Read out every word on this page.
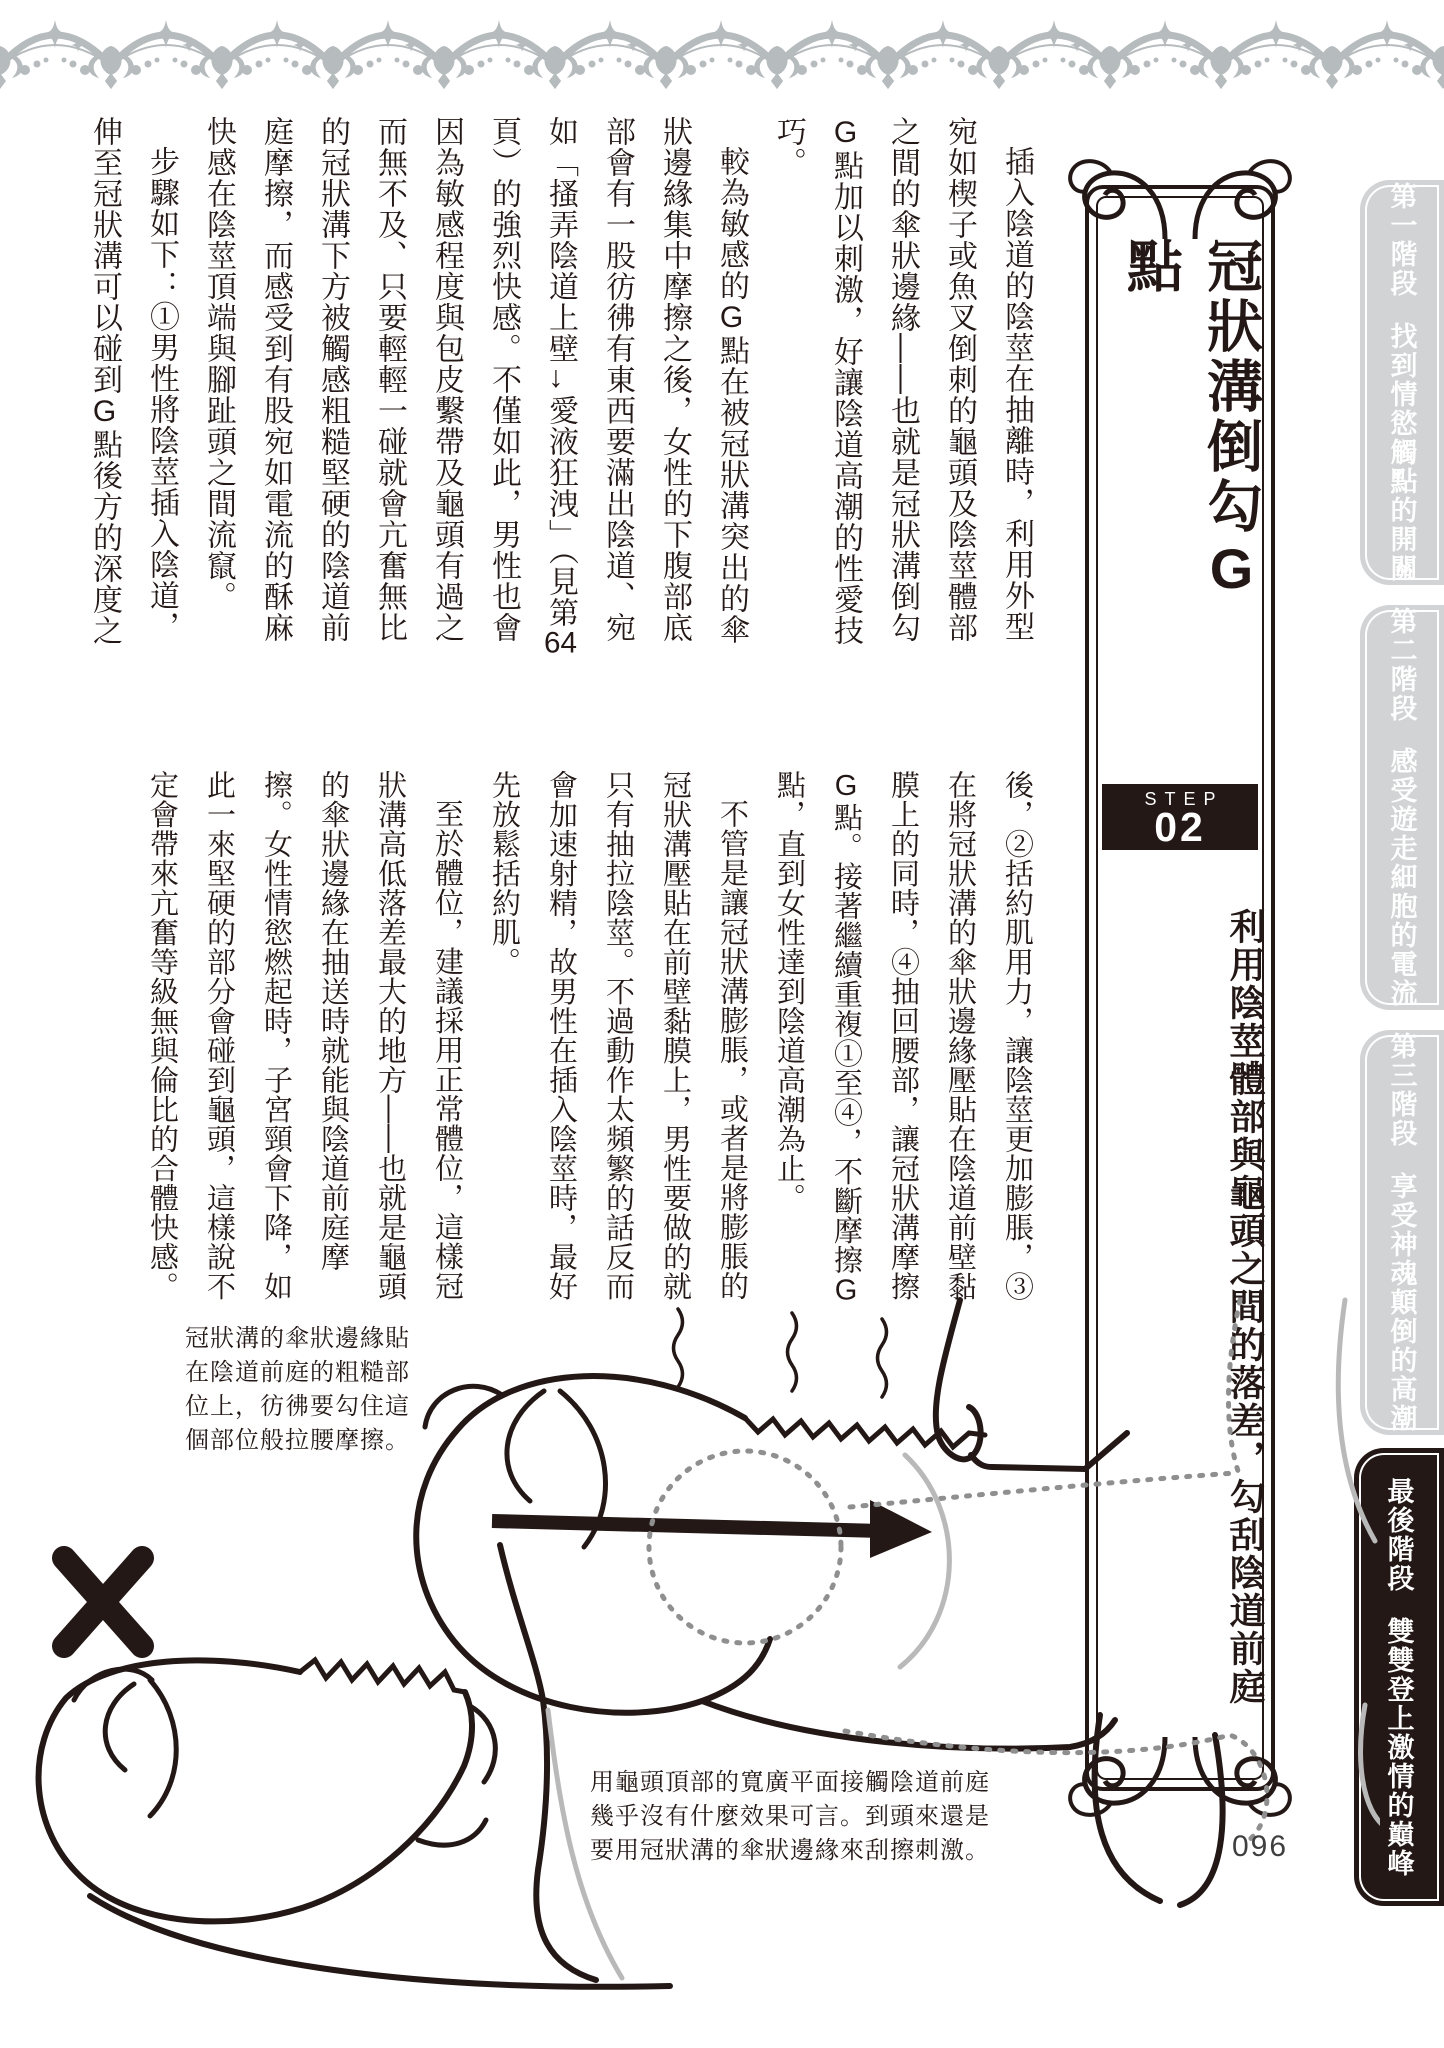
插入陰道的陰莖在抽離時，利用外型宛如楔子或魚叉倒刺的龜頭及陰莖體部之間的傘狀邊緣——也就是冠狀溝倒勾G點加以刺激，好讓陰道高潮的性愛技巧。

較為敏感的G點在被冠狀溝突出的傘狀邊緣集中摩擦之後，女性的下腹部底部會有一股彷彿有東西要滿出陰道、宛如「搔弄陰道上壁→愛液狂洩」（見第64頁）的強烈快感。不僅如此，男性也會因為敏感程度與包皮繫帶及龜頭有過之而無不及、只要輕輕一碰就會亢奮無比的冠狀溝下方被觸感粗糙堅硬的陰道前庭摩擦，而感受到有股宛如電流的酥麻快感在陰莖頂端與腳趾頭之間流竄。

步驟如下：①男性將陰莖插入陰道，伸至冠狀溝可以碰到G點後方的深度之

後，②括約肌用力，讓陰莖更加膨脹，③在將冠狀溝的傘狀邊緣壓貼在陰道前壁黏膜上的同時，④抽回腰部，讓冠狀溝摩擦G點。接著繼續重複①至④，不斷摩擦G點，直到女性達到陰道高潮為止。

不管是讓冠狀溝膨脹，或者是將膨脹的冠狀溝壓貼在前壁黏膜上，男性要做的就只有抽拉陰莖。不過動作太頻繁的話反而會加速射精，故男性在插入陰莖時，最好先放鬆括約肌。

至於體位，建議採用正常體位，這樣冠狀溝高低落差最大的地方——也就是龜頭的傘狀邊緣在抽送時就能與陰道前庭摩擦。女性情慾燃起時，子宮頸會下降，如此一來堅硬的部分會碰到龜頭，這樣說不定會帶來亢奮等級無與倫比的合體快感。

冠狀溝倒勾G點
STEP
02
利用陰莖體部與龜頭之間的落差，勾刮陰道前庭
第一階段找到情慾觸點的開關
第二階段感受遊走細胞的電流
第三階段享受神魂顛倒的高潮
最後階段雙雙登上激情的巔峰
冠狀溝的傘狀邊緣貼在陰道前庭的粗糙部位上，彷彿要勾住這個部位般拉腰摩擦。
用龜頭頂部的寬廣平面接觸陰道前庭幾乎沒有什麼效果可言。到頭來還是要用冠狀溝的傘狀邊緣來刮擦刺激。	096
